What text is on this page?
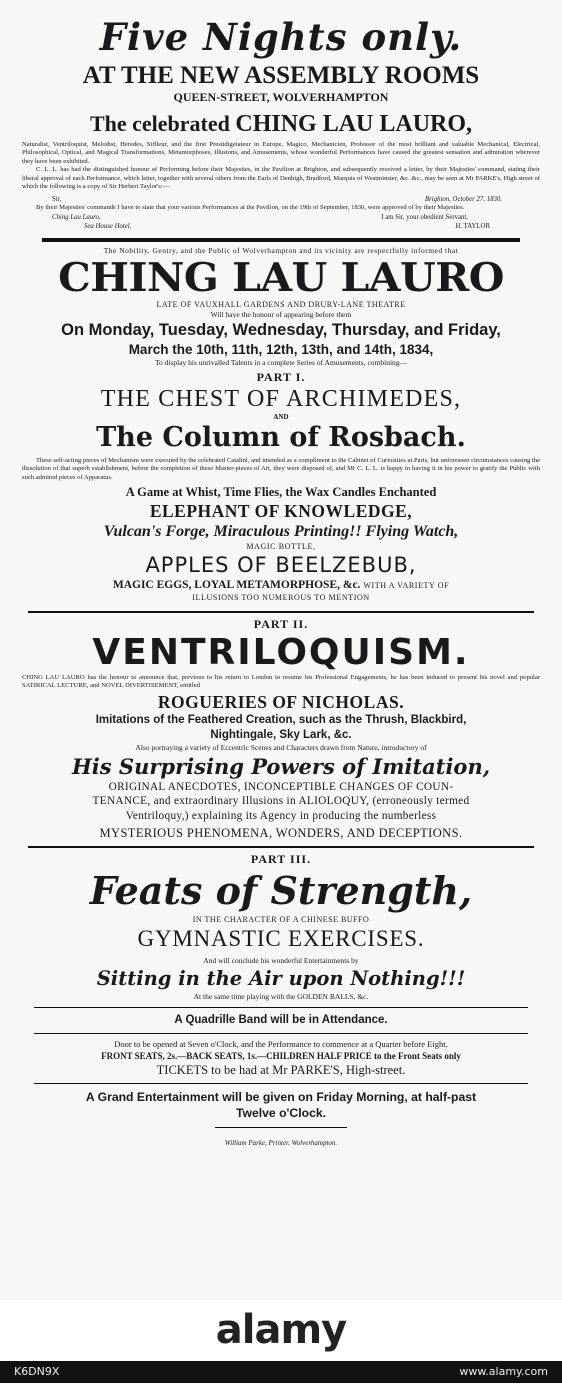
Five Nights only.
AT THE NEW ASSEMBLY ROOMS
QUEEN-STREET, WOLVERHAMPTON
The celebrated CHING LAU LAURO,

Naturalist, Ventriloquist, Melodist, Heredes, Siffleur, and the first Prestidigetateur in Europe, Magico, Mechanicien, Professor of the most brilliant and valuable Mechanical, Electrical, Philosophical, Optical, and Magical Transformations, Metamorphoses, Illusions, and Amusements, whose wonderful Performances have caused the greatest sensation and admiration wherever they have been exhibited.

C. L. L. has had the distinguished honour of Performing before their Majesties, in the Pavilion at Brighton, and subsequently received a letter, by their Majesties' command, stating their liberal approval of each Performance, which letter, together with several others from the Earls of Denbigh, Bradford, Marquis of Westminster, &c. &c., may be seen at Mr PARKE's, High street of which the following is a copy of Sir Herbert Taylor's:—

Sir,	Brighton, October 27, 1830.

By their Majesties' commands I have to state that your various Performances at the Pavilion, on the 19th of September, 1830, were approved of by their Majesties.

Ching Lau Lauro,	I am Sir, your obedient Servant,
Sea House Hotel.	H. TAYLOR
The Nobility, Gentry, and the Public of Wolverhampton and its vicinity are respectfully informed that
CHING LAU LAURO
LATE OF VAUXHALL GARDENS AND DRURY-LANE THEATRE
Will have the honour of appearing before them
On Monday, Tuesday, Wednesday, Thursday, and Friday,
March the 10th, 11th, 12th, 13th, and 14th, 1834,
To display his unrivalled Talents in a complete Series of Amusements, combining—
PART I.
THE CHEST OF ARCHIMEDES,
AND
The Column of Rosbach.

These self-acting pieces of Mechanism were executed by the celebrated Catalini, and intended as a compliment to the Cabinet of Curiosities at Paris, but unforeseen circumstances causing the dissolution of that superb establishment, before the completion of these Master-pieces of Art, they were disposed of, and Mr C. L. L. is happy in having it in his power to gratify the Public with such admired pieces of Apparatus.

A Game at Whist, Time Flies, the Wax Candles Enchanted
ELEPHANT OF KNOWLEDGE,
Vulcan's Forge, Miraculous Printing!! Flying Watch,
MAGIC BOTTLE,
APPLES OF BEELZEBUB,
MAGIC EGGS, LOYAL METAMORPHOSE, &c. WITH A VARIETY OF
ILLUSIONS TOO NUMEROUS TO MENTION
PART II.
VENTRILOQUISM.

CHING LAU LAURO has the honour to announce that, previous to his return to London to resume his Professional Engagements, he has been induced to present his novel and popular SATIRICAL LECTURE, and NOVEL DIVERTISEMENT, entitled

ROGUERIES OF NICHOLAS.
Imitations of the Feathered Creation, such as the Thrush, Blackbird,
Nightingale, Sky Lark, &c.
Also portraying a variety of Eccentric Scenes and Characters drawn from Nature, introductory of
His Surprising Powers of Imitation,
ORIGINAL ANECDOTES, INCONCEPTIBLE CHANGES OF COUN-
TENANCE, and extraordinary Illusions in ALIOLOQUY, (erroneously termed
Ventriloquy,) explaining its Agency in producing the numberless
MYSTERIOUS PHENOMENA, WONDERS, AND DECEPTIONS.
PART III.
Feats of Strength,
IN THE CHARACTER OF A CHINESE BUFFO
GYMNASTIC EXERCISES.
And will conclude his wonderful Entertainments by
Sitting in the Air upon Nothing!!!
At the same time playing with the GOLDEN BALLS, &c.
A Quadrille Band will be in Attendance.
Door to be opened at Seven o'Clock, and the Performance to commence at a Quarter before Eight.
FRONT SEATS, 2s.—BACK SEATS, 1s.—CHILDREN HALF PRICE to the Front Seats only
TICKETS to be had at Mr PARKE'S, High-street.
A Grand Entertainment will be given on Friday Morning, at half-past
Twelve o'Clock.
William Parke, Printer, Wolverhampton.
alamy
K6DN9X	www.alamy.com
